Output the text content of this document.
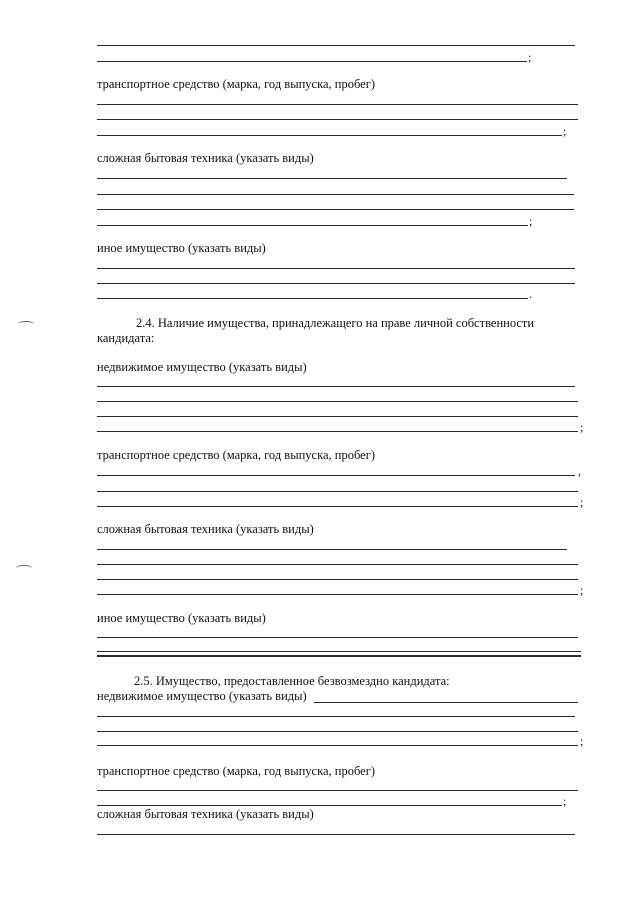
;
транспортное средство (марка, год выпуска, пробег)
;
сложная бытовая техника (указать виды)
;
иное имущество (указать виды)
.
2.4. Наличие имущества, принадлежащего на праве личной собственности
кандидата:
недвижимое имущество (указать виды)
;
транспортное средство (марка, год выпуска, пробег)
,
;
сложная бытовая техника (указать виды)
;
иное имущество (указать виды)
2.5. Имущество, предоставленное безвозмездно кандидата:
недвижимое имущество (указать виды)
;
транспортное средство (марка, год выпуска, пробег)
;
сложная бытовая техника (указать виды)
